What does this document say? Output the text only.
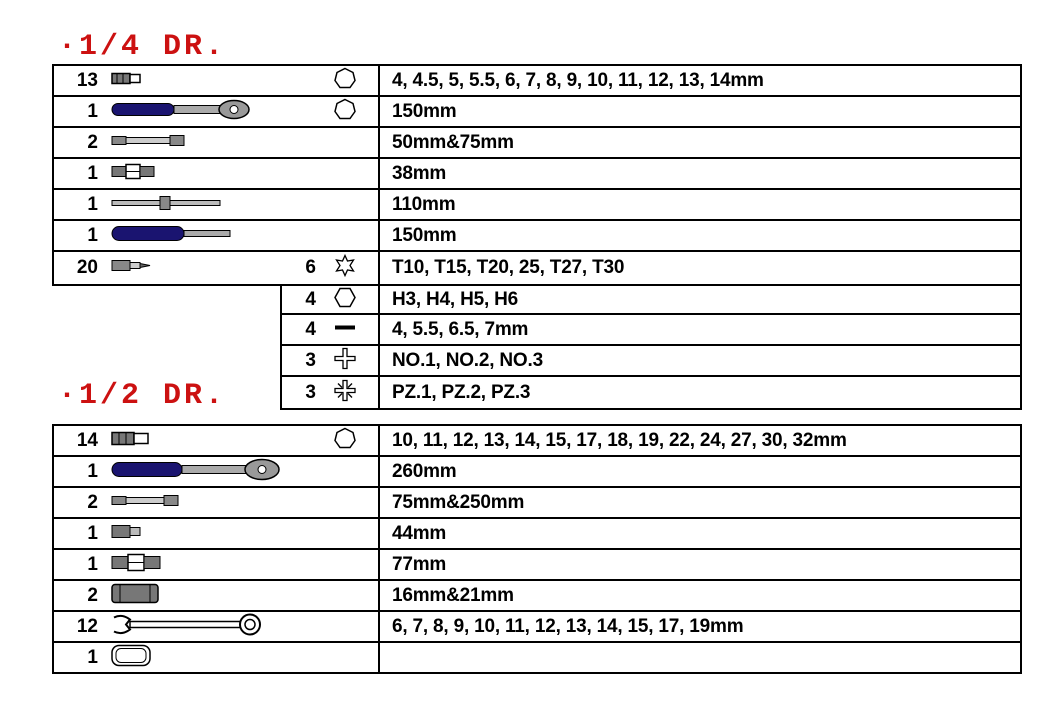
·1/4 DR.
13	4, 4.5, 5, 5.5, 6, 7, 8, 9, 10, 11, 12, 13, 14mm
1	150mm
2	50mm&75mm
1	38mm
1	110mm
1	150mm
20	6	T10, T15, T20, 25, T27, T30
4	H3, H4, H5, H6
4	4, 5.5, 6.5, 7mm
3	NO.1, NO.2, NO.3
3	PZ.1, PZ.2, PZ.3
·1/2 DR.
14	10, 11, 12, 13, 14, 15, 17, 18, 19, 22, 24, 27, 30, 32mm
1	260mm
2	75mm&250mm
1	44mm
1	77mm
2	16mm&21mm
12	6, 7, 8, 9, 10, 11, 12, 13, 14, 15, 17, 19mm
1
